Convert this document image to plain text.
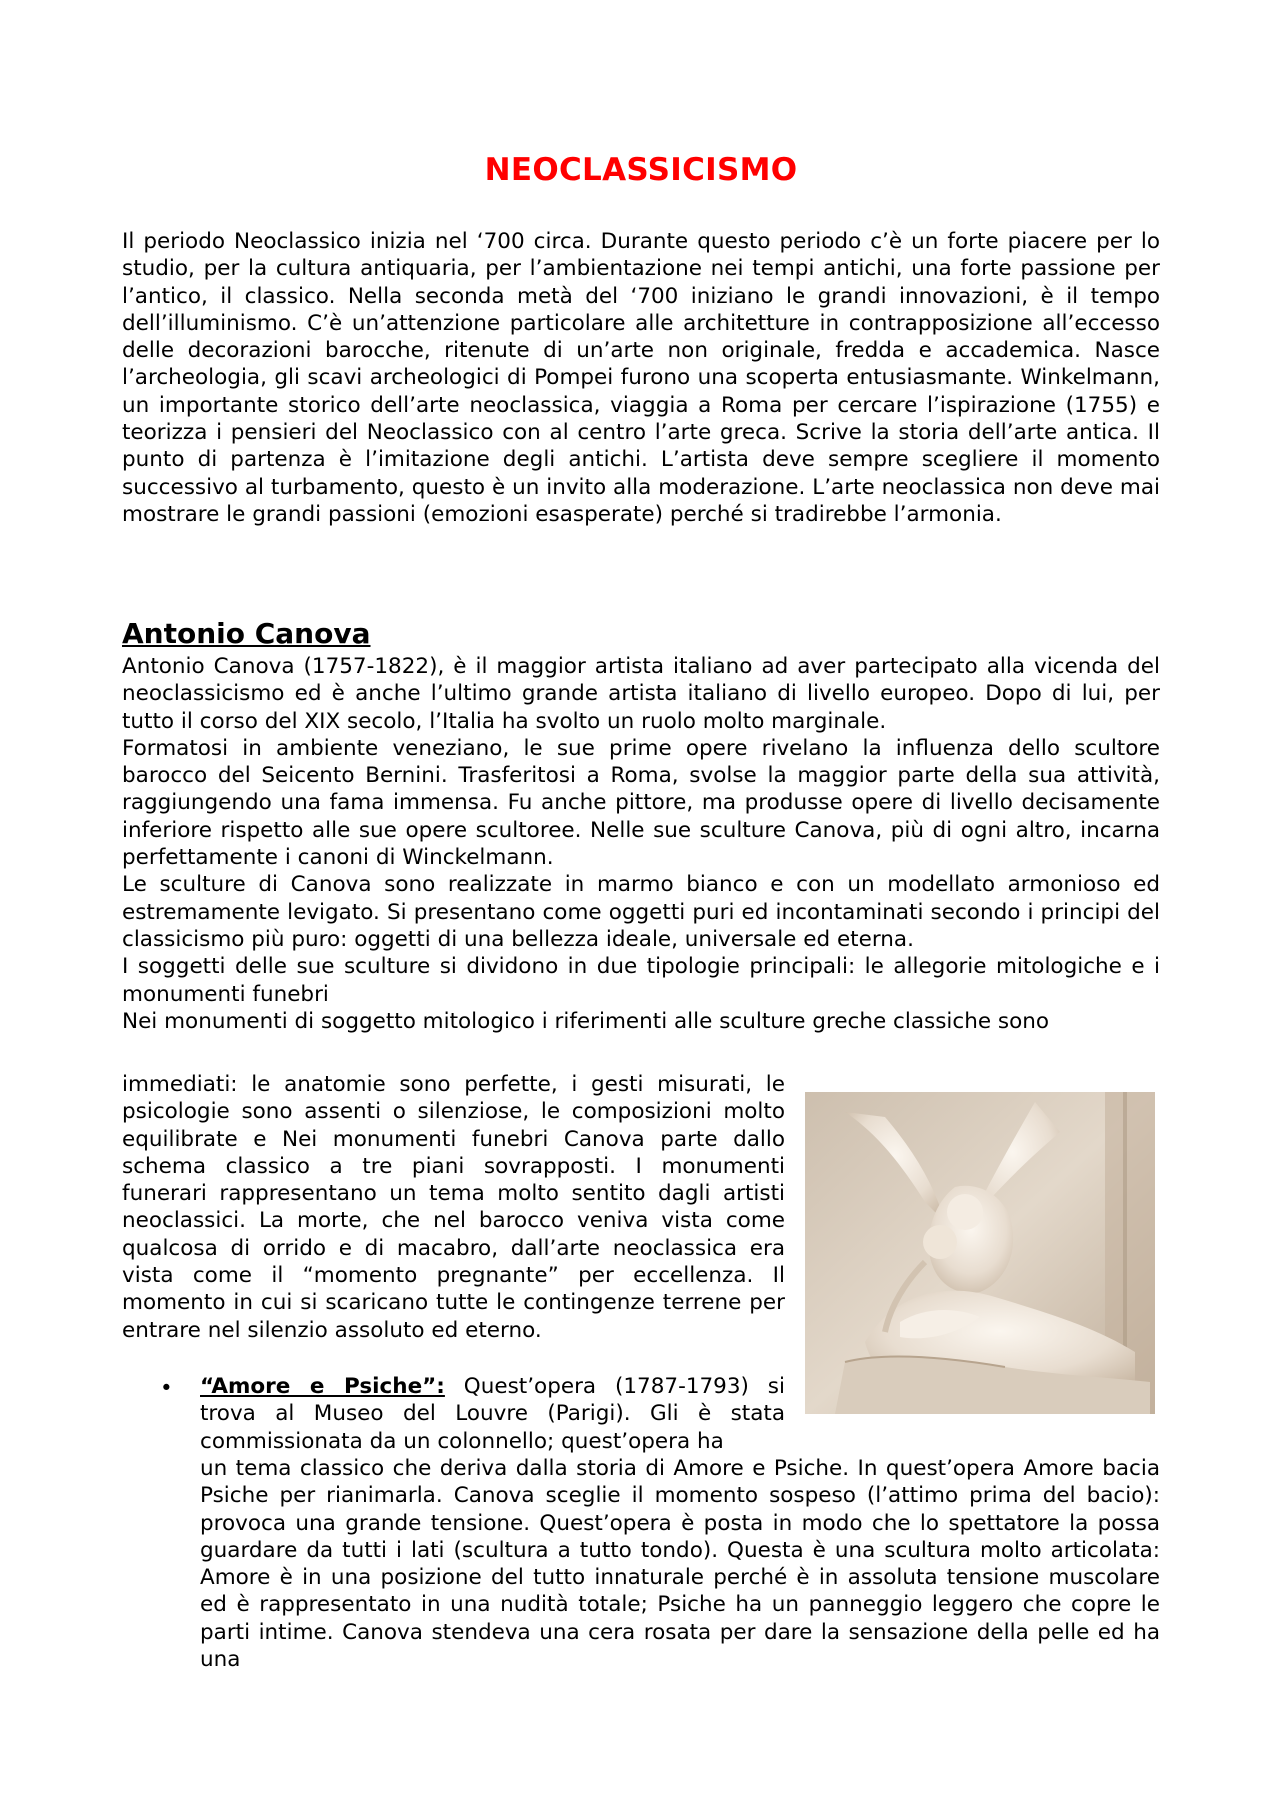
NEOCLASSICISMO

Il periodo Neoclassico inizia nel ‘700 circa. Durante questo periodo c’è un forte piacere per lo studio, per la cultura antiquaria, per l’ambientazione nei tempi antichi, una forte passione per l’antico, il classico. Nella seconda metà del ‘700 iniziano le grandi innovazioni, è il tempo dell’illuminismo. C’è un’attenzione particolare alle architetture in contrapposizione all’eccesso delle decorazioni barocche, ritenute di un’arte non originale, fredda e accademica. Nasce l’archeologia, gli scavi archeologici di Pompei furono una scoperta entusiasmante. Winkelmann, un importante storico dell’arte neoclassica, viaggia a Roma per cercare l’ispirazione (1755) e teorizza i pensieri del Neoclassico con al centro l’arte greca. Scrive la storia dell’arte antica. Il punto di partenza è l’imitazione degli antichi. L’artista deve sempre scegliere il momento successivo al turbamento, questo è un invito alla moderazione. L’arte neoclassica non deve mai mostrare le grandi passioni (emozioni esasperate) perché si tradirebbe l’armonia.

Antonio Canova

Antonio Canova (1757-1822), è il maggior artista italiano ad aver partecipato alla vicenda del neoclassicismo ed è anche l’ultimo grande artista italiano di livello europeo. Dopo di lui, per tutto il corso del XIX secolo, l’Italia ha svolto un ruolo molto marginale.

Formatosi in ambiente veneziano, le sue prime opere rivelano la influenza dello scultore barocco del Seicento Bernini. Trasferitosi a Roma, svolse la maggior parte della sua attività, raggiungendo una fama immensa. Fu anche pittore, ma produsse opere di livello decisamente inferiore rispetto alle sue opere scultoree. Nelle sue sculture Canova, più di ogni altro, incarna perfettamente i canoni di Winckelmann.

Le sculture di Canova sono realizzate in marmo bianco e con un modellato armonioso ed estremamente levigato. Si presentano come oggetti puri ed incontaminati secondo i principi del classicismo più puro: oggetti di una bellezza ideale, universale ed eterna.

I soggetti delle sue sculture si dividono in due tipologie principali: le allegorie mitologiche e i monumenti funebri

Nei monumenti di soggetto mitologico i riferimenti alle sculture greche classiche sono

immediati: le anatomie sono perfette, i gesti misurati, le psicologie sono assenti o silenziose, le composizioni molto equilibrate e Nei monumenti funebri Canova parte dallo schema classico a tre piani sovrapposti. I monumenti funerari rappresentano un tema molto sentito dagli artisti neoclassici. La morte, che nel barocco veniva vista come qualcosa di orrido e di macabro, dall’arte neoclassica era vista come il “momento pregnante” per eccellenza. Il momento in cui si scaricano tutte le contingenze terrene per entrare nel silenzio assoluto ed eterno.

• “Amore e Psiche”: Quest’opera (1787-1793) si trova al Museo del Louvre (Parigi). Gli è stata commissionata da un colonnello; quest’opera ha

un tema classico che deriva dalla storia di Amore e Psiche. In quest’opera Amore bacia Psiche per rianimarla. Canova sceglie il momento sospeso (l’attimo prima del bacio): provoca una grande tensione. Quest’opera è posta in modo che lo spettatore la possa guardare da tutti i lati (scultura a tutto tondo). Questa è una scultura molto articolata: Amore è in una posizione del tutto innaturale perché è in assoluta tensione muscolare ed è rappresentato in una nudità totale; Psiche ha un panneggio leggero che copre le parti intime. Canova stendeva una cera rosata per dare la sensazione della pelle ed ha una
